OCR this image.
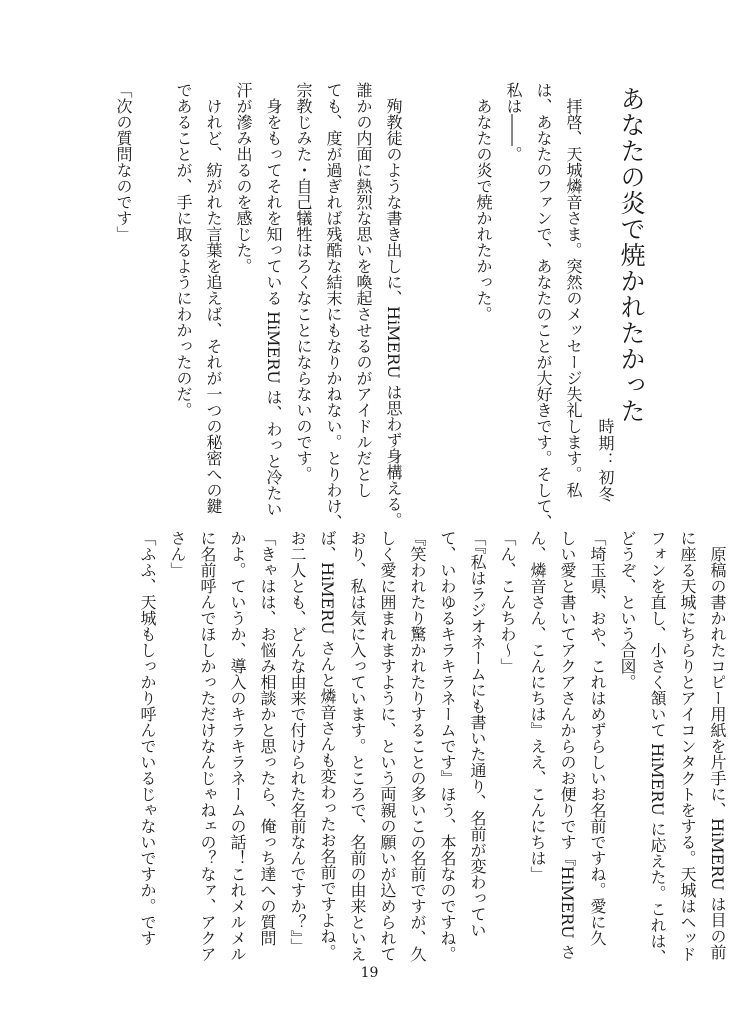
あなたの炎で焼かれたかった
時期：初冬
　拝啓、天城燐音さま。突然のメッセージ失礼します。私
は、あなたのファンで、あなたのことが大好きです。そして、
私は――。
　あなたの炎で焼かれたかった。
　殉教徒のような書き出しに、HiMERU は思わず身構える。
誰かの内面に熱烈な思いを喚起させるのがアイドルだとし
ても、度が過ぎれば残酷な結末にもなりかねない。とりわけ、
宗教じみた・自己犠牲はろくなことにならないのです。
　身をもってそれを知っている HiMERU は、わっと冷たい
汗が滲み出るのを感じた。
　けれど、紡がれた言葉を追えば、それが一つの秘密への鍵
であることが、手に取るようにわかったのだ。
「次の質問なのです」
　原稿の書かれたコピー用紙を片手に、HiMERU は目の前
に座る天城にちらりとアイコンタクトをする。天城はヘッド
フォンを直し、小さく頷いて HiMERU に応えた。これは、
どうぞ、という合図。
「埼玉県、おや、これはめずらしいお名前ですね。愛に久
しい愛と書いてアクアさんからのお便りです『HiMERU さ
ん、燐音さん、こんにちは』ええ、こんにちは」
「ん、こんちわ～」
「『私はラジオネームにも書いた通り、名前が変わってい
て、いわゆるキラキラネームです』ほう、本名なのですね。
『笑われたり驚かれたりすることの多いこの名前ですが、久
しく愛に囲まれますように、という両親の願いが込められて
おり、私は気に入っています。ところで、名前の由来といえ
ば、HiMERU さんと燐音さんも変わったお名前ですよね。
お二人とも、どんな由来で付けられた名前なんですか？』」
「きゃはは、お悩み相談かと思ったら、俺っち達への質問
かよ。ていうか、導入のキラキラネームの話！これメルメル
に名前呼んでほしかっただけなんじゃねェの？なァ、アクア
さん」
「ふふ、天城もしっかり呼んでいるじゃないですか。です
19
